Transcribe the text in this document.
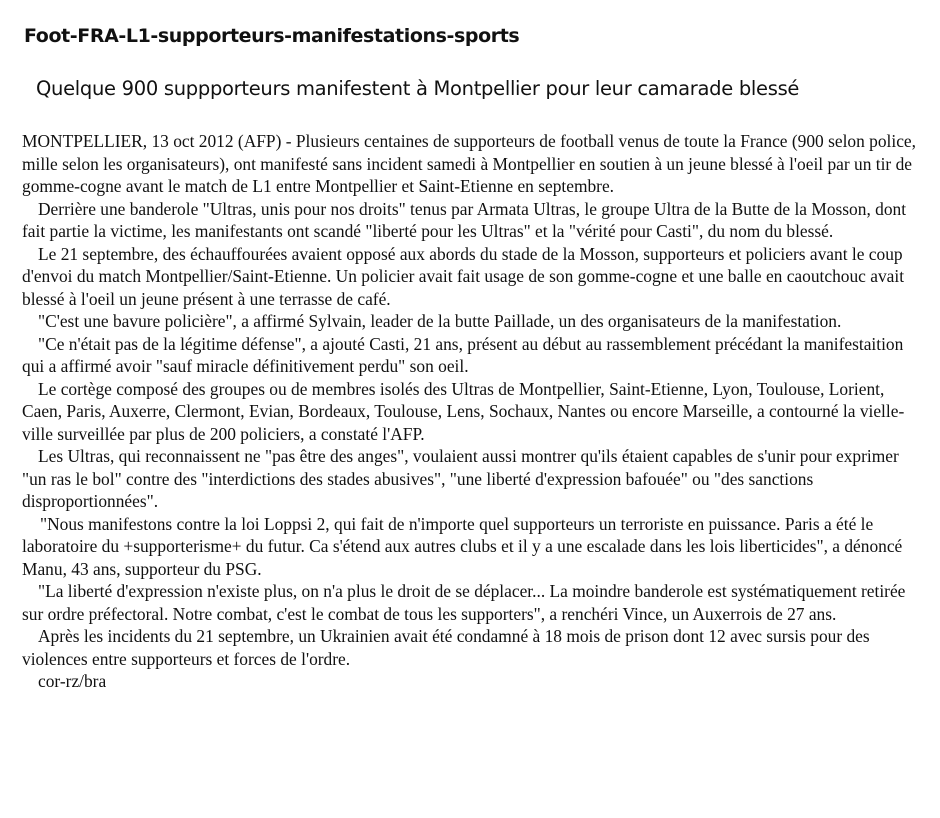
Foot-FRA-L1-supporteurs-manifestations-sports
Quelque 900 suppporteurs manifestent à Montpellier pour leur camarade blessé

MONTPELLIER, 13 oct 2012 (AFP) - Plusieurs centaines de supporteurs de football venus de toute la France (900 selon police, mille selon les organisateurs), ont manifesté sans incident samedi à Montpellier en soutien à un jeune blessé à l'oeil par un tir de gomme-cogne avant le match de L1 entre Montpellier et Saint-Etienne en septembre.

Derrière une banderole "Ultras, unis pour nos droits" tenus par Armata Ultras, le groupe Ultra de la Butte de la Mosson, dont fait partie la victime, les manifestants ont scandé "liberté pour les Ultras" et la "vérité pour Casti", du nom du blessé.

Le 21 septembre, des échauffourées avaient opposé aux abords du stade de la Mosson, supporteurs et policiers avant le coup d'envoi du match Montpellier/Saint-Etienne. Un policier avait fait usage de son gomme-cogne et une balle en caoutchouc avait blessé à l'oeil un jeune présent à une terrasse de café.

"C'est une bavure policière", a affirmé Sylvain, leader de la butte Paillade, un des organisateurs de la manifestation.

"Ce n'était pas de la légitime défense", a ajouté Casti, 21 ans, présent au début au rassemblement précédant la manifestaition qui a affirmé avoir "sauf miracle définitivement perdu" son oeil.

Le cortège composé des groupes ou de membres isolés des Ultras de Montpellier, Saint-Etienne, Lyon, Toulouse, Lorient, Caen, Paris, Auxerre, Clermont, Evian, Bordeaux, Toulouse, Lens, Sochaux, Nantes ou encore Marseille, a contourné la vielle-ville surveillée par plus de 200 policiers, a constaté l'AFP.

Les Ultras, qui reconnaissent ne "pas être des anges", voulaient aussi montrer qu'ils étaient capables de s'unir pour exprimer "un ras le bol" contre des "interdictions des stades abusives", "une liberté d'expression bafouée" ou "des sanctions disproportionnées".

"Nous manifestons contre la loi Loppsi 2, qui fait de n'importe quel supporteurs un terroriste en puissance. Paris a été le laboratoire du +supporterisme+ du futur. Ca s'étend aux autres clubs et il y a une escalade dans les lois liberticides", a dénoncé Manu, 43 ans, supporteur du PSG.

"La liberté d'expression n'existe plus, on n'a plus le droit de se déplacer... La moindre banderole est systématiquement retirée sur ordre préfectoral. Notre combat, c'est le combat de tous les supporters", a renchéri Vince, un Auxerrois de 27 ans.

Après les incidents du 21 septembre, un Ukrainien avait été condamné à 18 mois de prison dont 12 avec sursis pour des violences entre supporteurs et forces de l'ordre.

cor-rz/bra
